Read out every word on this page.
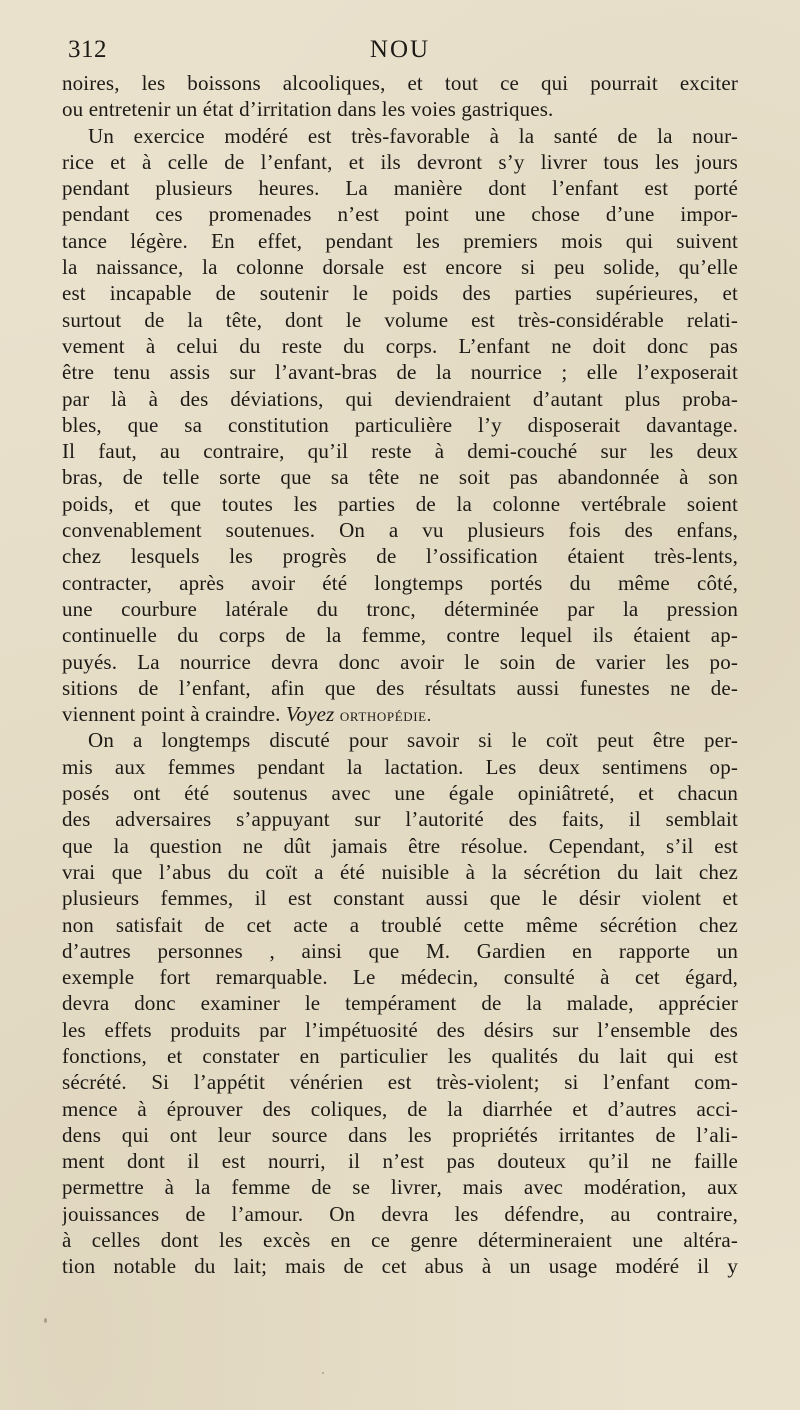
312	NOU
noires, les boissons alcooliques, et tout ce qui pourrait exciter
ou entretenir un état d’irritation dans les voies gastriques.
Un exercice modéré est très-favorable à la santé de la nour-
rice et à celle de l’enfant, et ils devront s’y livrer tous les jours
pendant plusieurs heures. La manière dont l’enfant est porté
pendant ces promenades n’est point une chose d’une impor-
tance légère. En effet, pendant les premiers mois qui suivent
la naissance, la colonne dorsale est encore si peu solide, qu’elle
est incapable de soutenir le poids des parties supérieures, et
surtout de la tête, dont le volume est très-considérable relati-
vement à celui du reste du corps. L’enfant ne doit donc pas
être tenu assis sur l’avant-bras de la nourrice ; elle l’exposerait
par là à des déviations, qui deviendraient d’autant plus proba-
bles, que sa constitution particulière l’y disposerait davantage.
Il faut, au contraire, qu’il reste à demi-couché sur les deux
bras, de telle sorte que sa tête ne soit pas abandonnée à son
poids, et que toutes les parties de la colonne vertébrale soient
convenablement soutenues. On a vu plusieurs fois des enfans,
chez lesquels les progrès de l’ossification étaient très-lents,
contracter, après avoir été longtemps portés du même côté,
une courbure latérale du tronc, déterminée par la pression
continuelle du corps de la femme, contre lequel ils étaient ap-
puyés. La nourrice devra donc avoir le soin de varier les po-
sitions de l’enfant, afin que des résultats aussi funestes ne de-
viennent point à craindre. Voyez orthopédie.
On a longtemps discuté pour savoir si le coït peut être per-
mis aux femmes pendant la lactation. Les deux sentimens op-
posés ont été soutenus avec une égale opiniâtreté, et chacun
des adversaires s’appuyant sur l’autorité des faits, il semblait
que la question ne dût jamais être résolue. Cependant, s’il est
vrai que l’abus du coït a été nuisible à la sécrétion du lait chez
plusieurs femmes, il est constant aussi que le désir violent et
non satisfait de cet acte a troublé cette même sécrétion chez
d’autres personnes , ainsi que M. Gardien en rapporte un
exemple fort remarquable. Le médecin, consulté à cet égard,
devra donc examiner le tempérament de la malade, apprécier
les effets produits par l’impétuosité des désirs sur l’ensemble des
fonctions, et constater en particulier les qualités du lait qui est
sécrété. Si l’appétit vénérien est très-violent; si l’enfant com-
mence à éprouver des coliques, de la diarrhée et d’autres acci-
dens qui ont leur source dans les propriétés irritantes de l’ali-
ment dont il est nourri, il n’est pas douteux qu’il ne faille
permettre à la femme de se livrer, mais avec modération, aux
jouissances de l’amour. On devra les défendre, au contraire,
à celles dont les excès en ce genre détermineraient une altéra-
tion notable du lait; mais de cet abus à un usage modéré il y
